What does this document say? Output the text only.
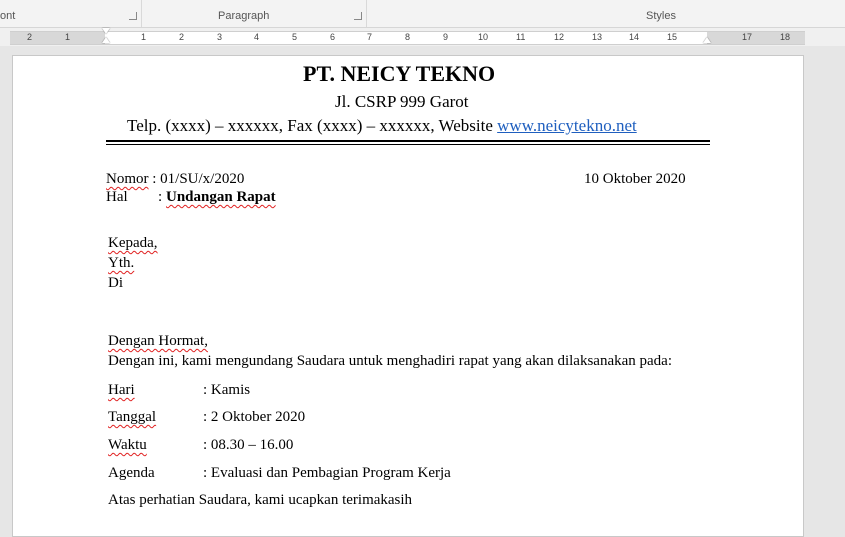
ont	Paragraph	Styles
2	1	1	2	3	4	5	6	7	8	9	10	11	12	13	14	15	17	18
PT. NEICY TEKNO
Jl. CSRP 999 Garot
Telp. (xxxx) – xxxxxx, Fax (xxxx) – xxxxxx, Website www.neicytekno.net
Nomor : 01/SU/x/2020	10 Oktober 2020
Hal : Undangan Rapat
Kepada,
Yth.
Di
Dengan Hormat,
Dengan ini, kami mengundang Saudara untuk menghadiri rapat yang akan dilaksanakan pada:
Hari	: Kamis
Tanggal	: 2 Oktober 2020
Waktu	: 08.30 – 16.00
Agenda	: Evaluasi dan Pembagian Program Kerja
Atas perhatian Saudara, kami ucapkan terimakasih
